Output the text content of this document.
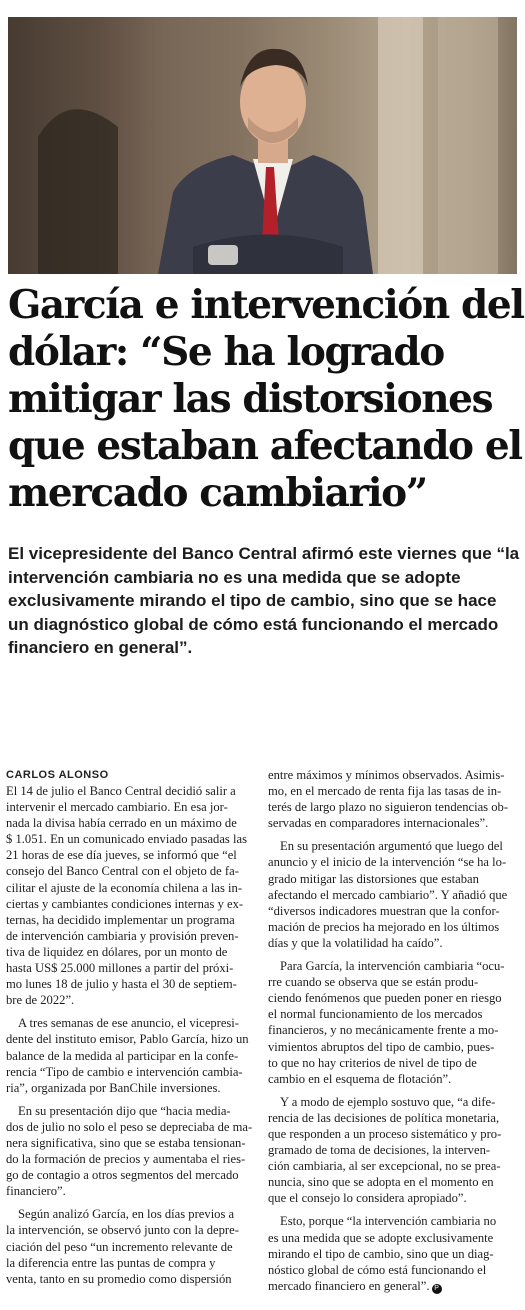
García e intervención del
dólar: “Se ha logrado
mitigar las distorsiones
que estaban afectando el
mercado cambiario”
El vicepresidente del Banco Central afirmó este viernes que “la
intervención cambiaria no es una medida que se adopte
exclusivamente mirando el tipo de cambio, sino que se hace
un diagnóstico global de cómo está funcionando el mercado
financiero en general”.
CARLOS ALONSO
El 14 de julio el Banco Central decidió salir a
intervenir el mercado cambiario. En esa jor-
nada la divisa había cerrado en un máximo de
$ 1.051. En un comunicado enviado pasadas las
21 horas de ese día jueves, se informó que “el
consejo del Banco Central con el objeto de fa-
cilitar el ajuste de la economía chilena a las in-
ciertas y cambiantes condiciones internas y ex-
ternas, ha decidido implementar un programa
de intervención cambiaria y provisión preven-
tiva de liquidez en dólares, por un monto de
hasta US$ 25.000 millones a partir del próxi-
mo lunes 18 de julio y hasta el 30 de septiem-
bre de 2022”.
A tres semanas de ese anuncio, el vicepresi-
dente del instituto emisor, Pablo García, hizo un
balance de la medida al participar en la confe-
rencia “Tipo de cambio e intervención cambia-
ria”, organizada por BanChile inversiones.
En su presentación dijo que “hacia media-
dos de julio no solo el peso se depreciaba de ma-
nera significativa, sino que se estaba tensionan-
do la formación de precios y aumentaba el ries-
go de contagio a otros segmentos del mercado
financiero”.
Según analizó García, en los días previos a
la intervención, se observó junto con la depre-
ciación del peso “un incremento relevante de
la diferencia entre las puntas de compra y
venta, tanto en su promedio como dispersión
entre máximos y mínimos observados. Asimis-
mo, en el mercado de renta fija las tasas de in-
terés de largo plazo no siguieron tendencias ob-
servadas en comparadores internacionales”.
En su presentación argumentó que luego del
anuncio y el inicio de la intervención “se ha lo-
grado mitigar las distorsiones que estaban
afectando el mercado cambiario”. Y añadió que
“diversos indicadores muestran que la confor-
mación de precios ha mejorado en los últimos
días y que la volatilidad ha caído”.
Para García, la intervención cambiaria “ocu-
rre cuando se observa que se están produ-
ciendo fenómenos que pueden poner en riesgo
el normal funcionamiento de los mercados
financieros, y no mecánicamente frente a mo-
vimientos abruptos del tipo de cambio, pues-
to que no hay criterios de nivel de tipo de
cambio en el esquema de flotación”.
Y a modo de ejemplo sostuvo que, “a dife-
rencia de las decisiones de política monetaria,
que responden a un proceso sistemático y pro-
gramado de toma de decisiones, la interven-
ción cambiaria, al ser excepcional, no se prea-
nuncia, sino que se adopta en el momento en
que el consejo lo considera apropiado”.
Esto, porque “la intervención cambiaria no
es una medida que se adopte exclusivamente
mirando el tipo de cambio, sino que un diag-
nóstico global de cómo está funcionando el
mercado financiero en general”. P
